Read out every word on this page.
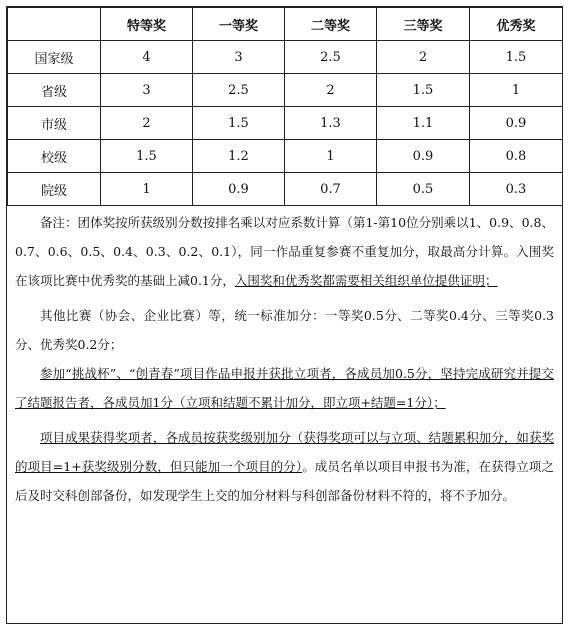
	特等奖	一等奖	二等奖	三等奖	优秀奖
国家级	4	3	2.5	2	1.5
省级	3	2.5	2	1.5	1
市级	2	1.5	1.3	1.1	0.9
校级	1.5	1.2	1	0.9	0.8
院级	1	0.9	0.7	0.5	0.3

备注：团体奖按所获级别分数按排名乘以对应系数计算（第1-第10位分别乘以1、0.9、0.8、0.7、0.6、0.5、0.4、0.3、0.2、0.1），同一作品重复参赛不重复加分，取最高分计算。入围奖在该项比赛中优秀奖的基础上减0.1分，入围奖和优秀奖都需要相关组织单位提供证明；

其他比赛（协会、企业比赛）等，统一标准加分：一等奖0.5分、二等奖0.4分、三等奖0.3分、优秀奖0.2分；

参加“挑战杯”、“创青春”项目作品申报并获批立项者，各成员加0.5分，坚持完成研究并提交了结题报告者，各成员加1分（立项和结题不累计加分，即立项+结题=1分）；

项目成果获得奖项者，各成员按获奖级别加分（获得奖项可以与立项、结题累积加分，如获奖的项目=1+获奖级别分数，但只能加一个项目的分）。成员名单以项目申报书为准，在获得立项之后及时交科创部备份，如发现学生上交的加分材料与科创部备份材料不符的，将不予加分。
